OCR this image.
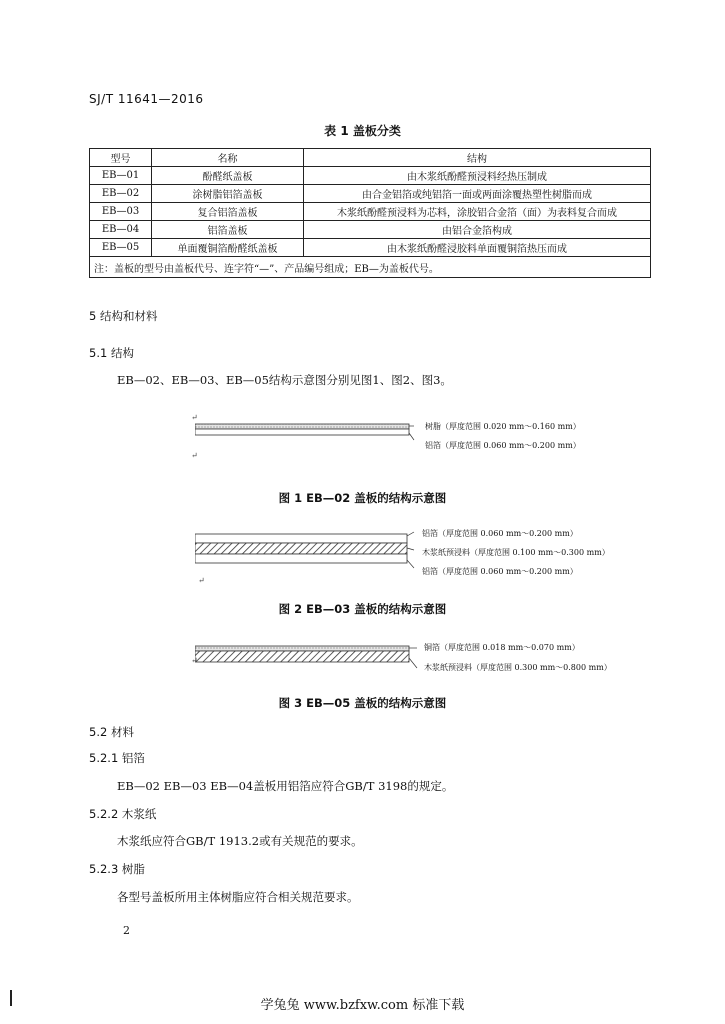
SJ/T 11641—2016
表 1 盖板分类
型号	名称	结构
EB—01	酚醛纸盖板	由木浆纸酚醛预浸料经热压制成
EB—02	涂树脂铝箔盖板	由合金铝箔或纯铝箔一面或两面涂覆热塑性树脂而成
EB—03	复合铝箔盖板	木浆纸酚醛预浸料为芯料，涂胶铝合金箔（面）为表料复合而成
EB—04	铝箔盖板	由铝合金箔构成
EB—05	单面覆铜箔酚醛纸盖板	由木浆纸酚醛浸胶料单面覆铜箔热压而成
注：盖板的型号由盖板代号、连字符“—”、产品编号组成；EB—为盖板代号。		
5 结构和材料
5.1 结构
EB—02、EB—03、EB—05结构示意图分别见图1、图2、图3。
↵
树脂（厚度范围 0.020 mm～0.160 mm）
铝箔（厚度范围 0.060 mm～0.200 mm）
↵
图 1 EB—02 盖板的结构示意图
铝箔（厚度范围 0.060 mm～0.200 mm）
木浆纸预浸料（厚度范围 0.100 mm～0.300 mm）
铝箔（厚度范围 0.060 mm～0.200 mm）
↵
图 2 EB—03 盖板的结构示意图
铜箔（厚度范围 0.018 mm～0.070 mm）
木浆纸预浸料（厚度范围 0.300 mm～0.800 mm）
↵
图 3 EB—05 盖板的结构示意图
5.2 材料
5.2.1 铝箔
EB—02 EB—03 EB—04盖板用铝箔应符合GB/T 3198的规定。
5.2.2 木浆纸
木浆纸应符合GB/T 1913.2或有关规范的要求。
5.2.3 树脂
各型号盖板所用主体树脂应符合相关规范要求。
2
学兔兔 www.bzfxw.com 标准下载
